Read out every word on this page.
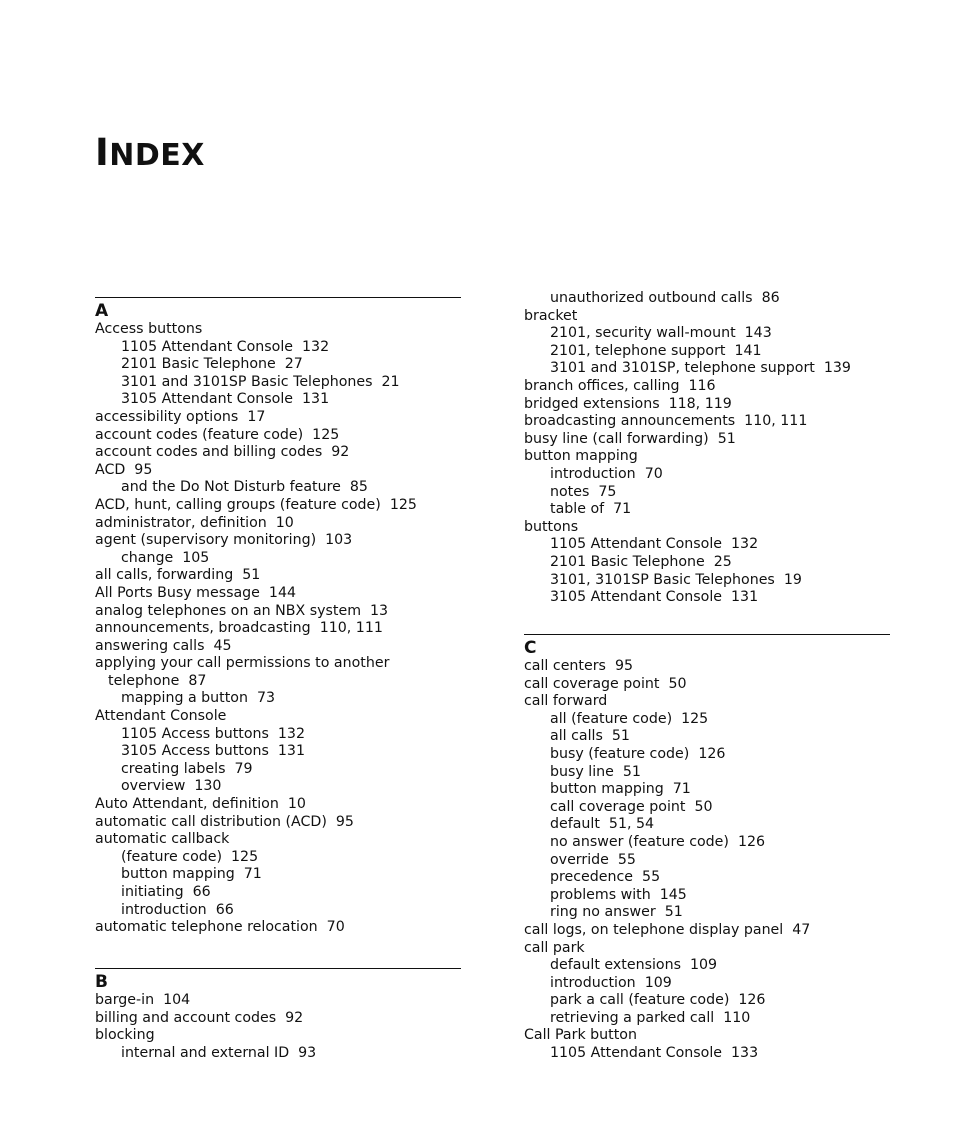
INDEX
A
Access buttons
1105 Attendant Console 132
2101 Basic Telephone 27
3101 and 3101SP Basic Telephones 21
3105 Attendant Console 131
accessibility options 17
account codes (feature code) 125
account codes and billing codes 92
ACD 95
and the Do Not Disturb feature 85
ACD, hunt, calling groups (feature code) 125
administrator, definition 10
agent (supervisory monitoring) 103
change 105
all calls, forwarding 51
All Ports Busy message 144
analog telephones on an NBX system 13
announcements, broadcasting 110, 111
answering calls 45
applying your call permissions to another
telephone 87
mapping a button 73
Attendant Console
1105 Access buttons 132
3105 Access buttons 131
creating labels 79
overview 130
Auto Attendant, definition 10
automatic call distribution (ACD) 95
automatic callback
(feature code) 125
button mapping 71
initiating 66
introduction 66
automatic telephone relocation 70
B
barge-in 104
billing and account codes 92
blocking
internal and external ID 93
unauthorized outbound calls 86
bracket
2101, security wall-mount 143
2101, telephone support 141
3101 and 3101SP, telephone support 139
branch offices, calling 116
bridged extensions 118, 119
broadcasting announcements 110, 111
busy line (call forwarding) 51
button mapping
introduction 70
notes 75
table of 71
buttons
1105 Attendant Console 132
2101 Basic Telephone 25
3101, 3101SP Basic Telephones 19
3105 Attendant Console 131
C
call centers 95
call coverage point 50
call forward
all (feature code) 125
all calls 51
busy (feature code) 126
busy line 51
button mapping 71
call coverage point 50
default 51, 54
no answer (feature code) 126
override 55
precedence 55
problems with 145
ring no answer 51
call logs, on telephone display panel 47
call park
default extensions 109
introduction 109
park a call (feature code) 126
retrieving a parked call 110
Call Park button
1105 Attendant Console 133
